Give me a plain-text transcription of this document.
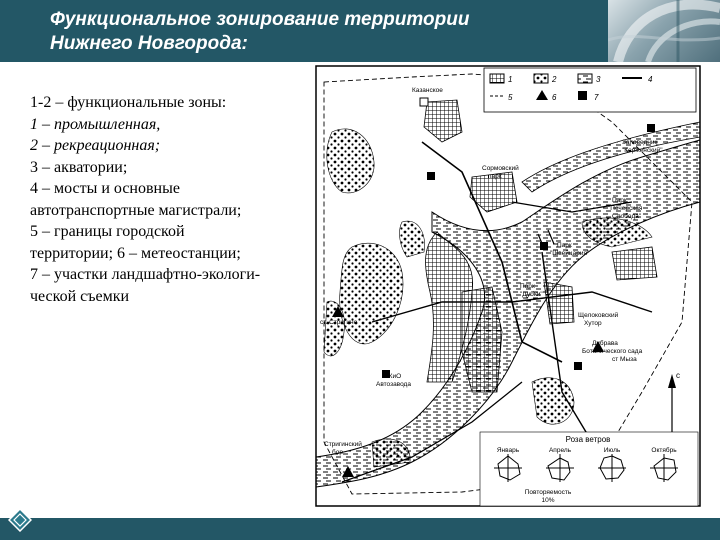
Функциональное зонирование территории
Нижнего Новгорода:
1-2 – функциональные зоны:
1 – промышленная,
2 – рекреационная;
3 – акватории;
4 – мосты и основные
автотранспортные магистрали;
5 – границы городской
территории; 6 – метеостанции;
7 – участки ландшафтно-экологи-
ческой съемки
1	2	3	4
5	6	7
Казанское
Заповедник
"Керженский"
Сормовский
парк
Парк
"Печерская
Слобода"
Парк
"Швейцария"
Парк
"Дубки"
Щелоковский
Хутор
Дубрава
Ботанического сада
ст Мыза
ст. Стригино
ПКиО
Автозавода
Стригинский
бор
Роза ветров
Январь	Апрель	Июль	Октябрь
Повторяемость
10%
с
